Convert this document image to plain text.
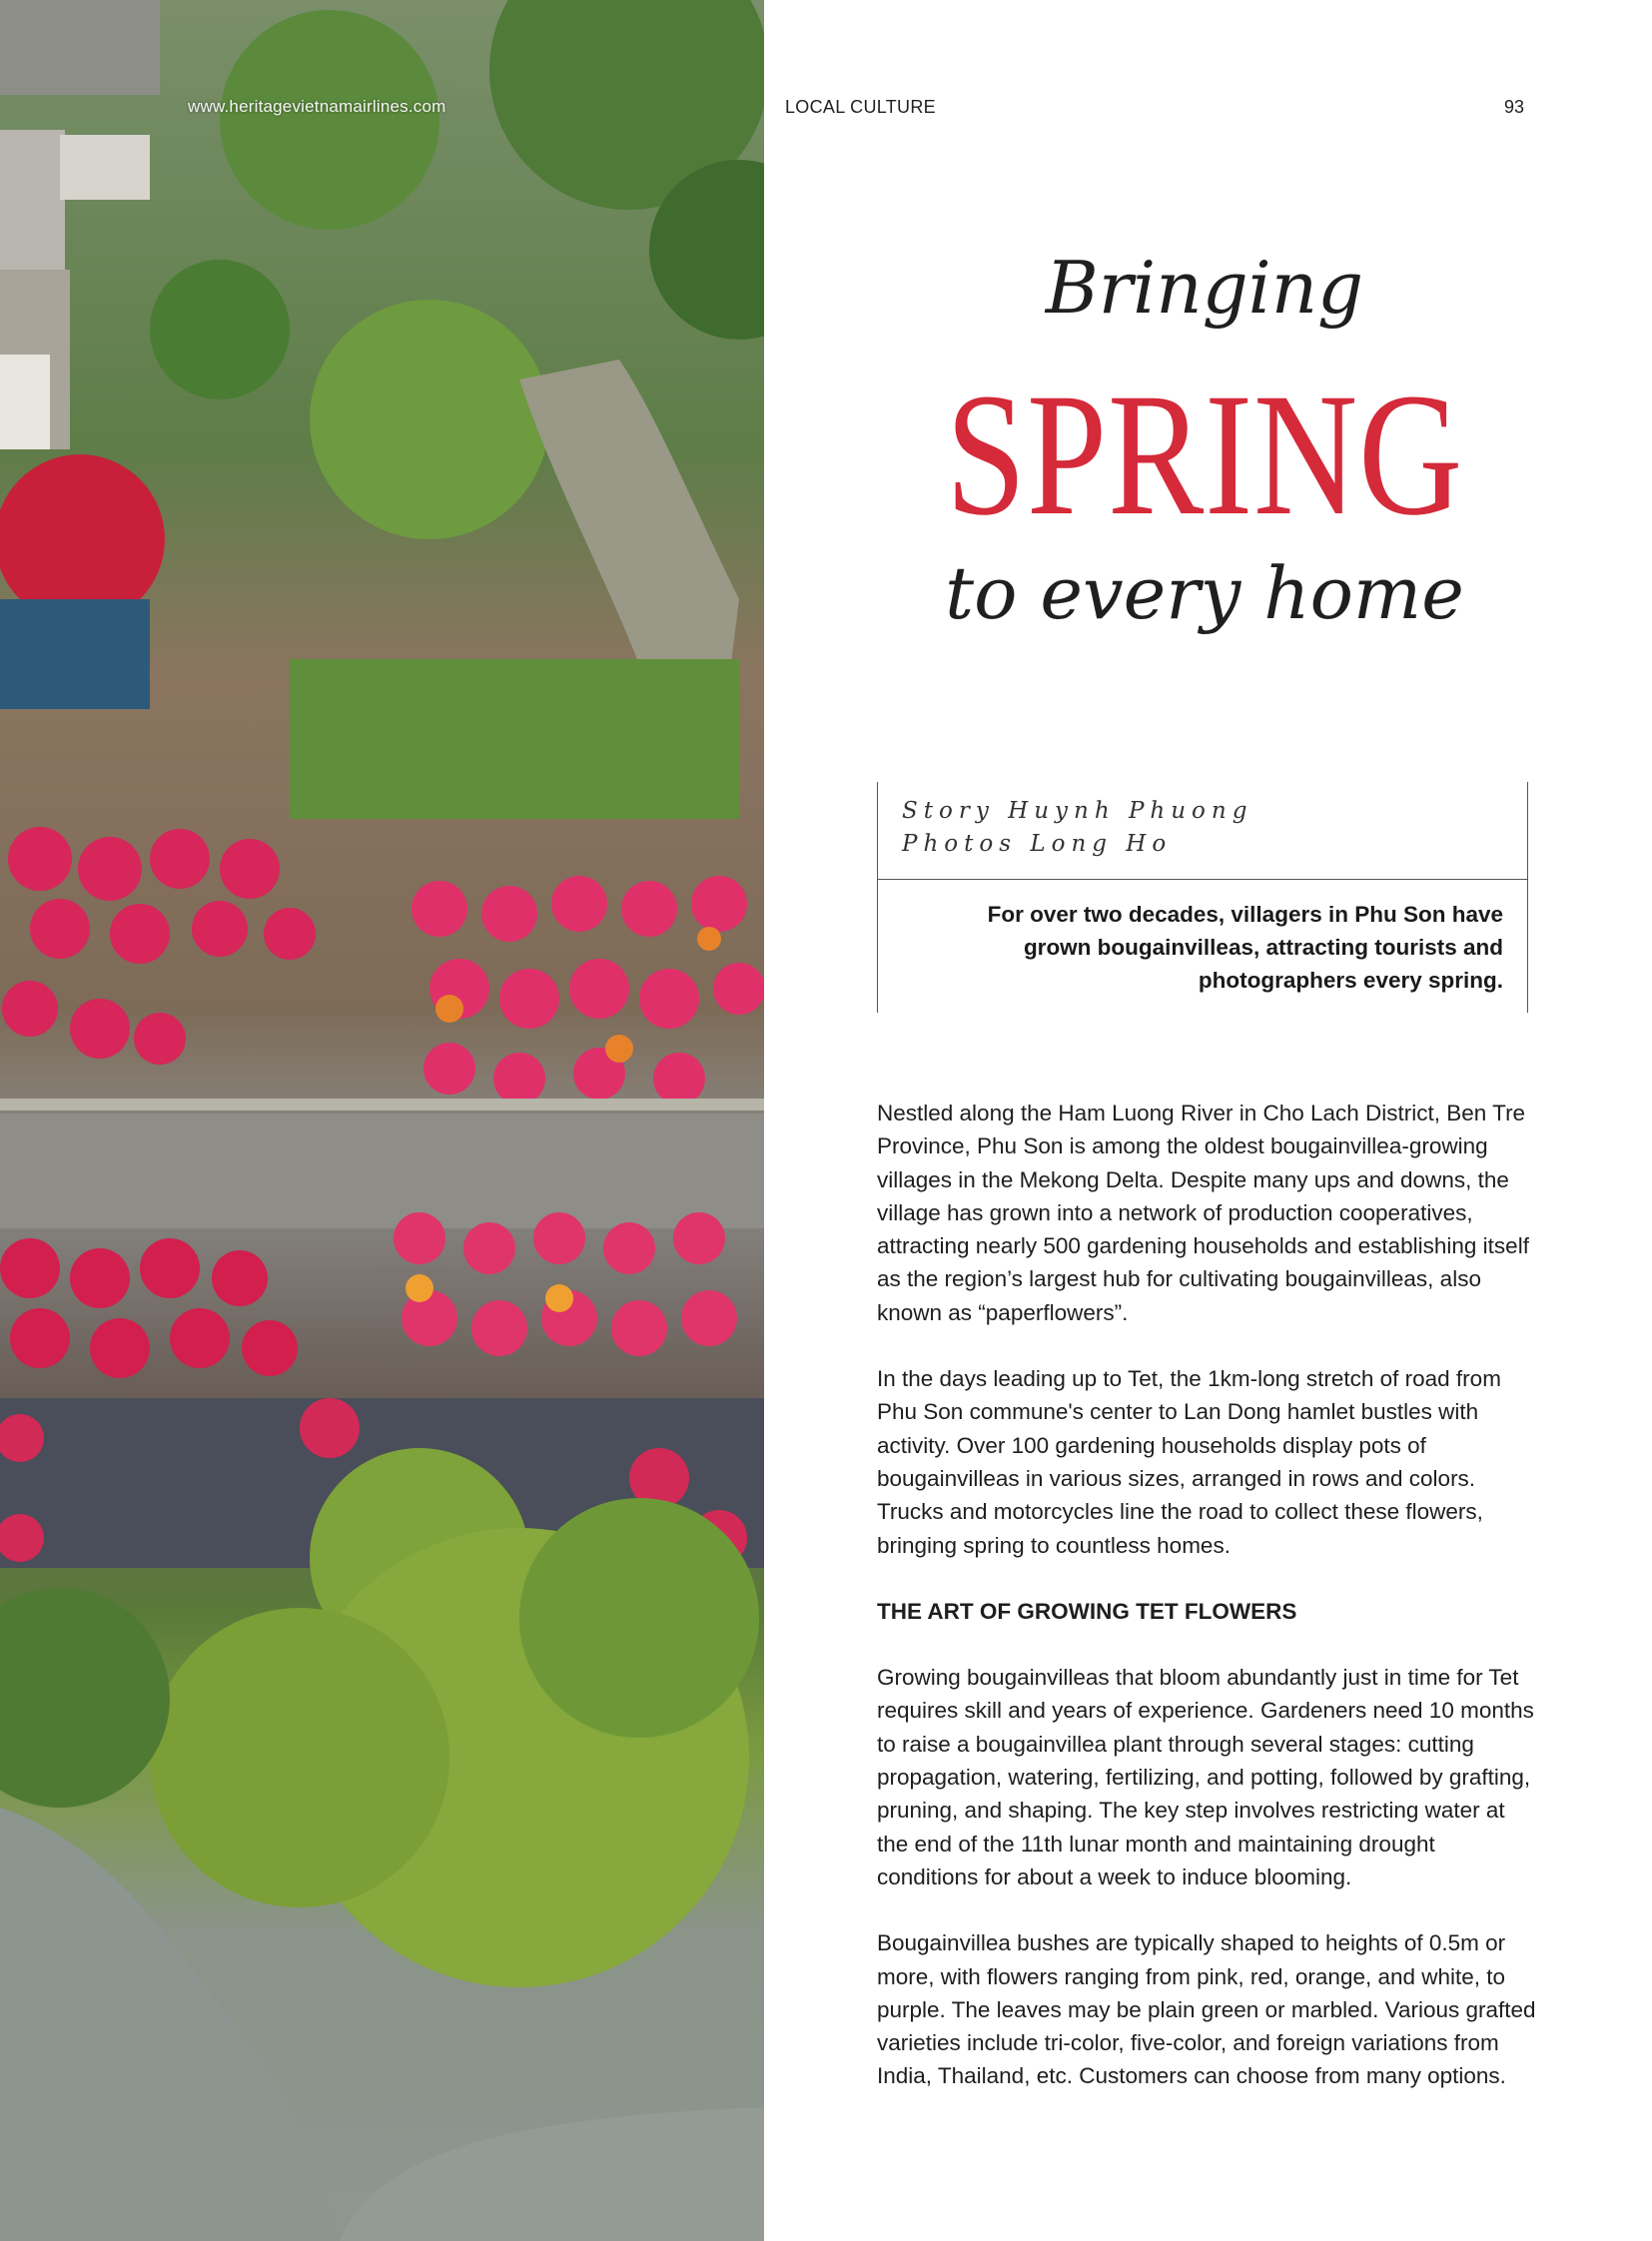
www.heritagevietnamairlines.com	LOCAL CULTURE	93
Bringing
SPRING
to every home
Story Huynh Phuong
Photos Long Ho
For over two decades, villagers in Phu Son have grown bougainvilleas, attracting tourists and photographers every spring.

Nestled along the Ham Luong River in Cho Lach District, Ben Tre Province, Phu Son is among the oldest bougainvillea-growing villages in the Mekong Delta. Despite many ups and downs, the village has grown into a network of production cooperatives, attracting nearly 500 gardening households and establishing itself as the region’s largest hub for cultivating bougainvilleas, also known as “paperflowers”.

In the days leading up to Tet, the 1km-long stretch of road from Phu Son commune's center to Lan Dong hamlet bustles with activity. Over 100 gardening households display pots of bougainvilleas in various sizes, arranged in rows and colors. Trucks and motorcycles line the road to collect these flowers, bringing spring to countless homes.

THE ART OF GROWING TET FLOWERS

Growing bougainvilleas that bloom abundantly just in time for Tet requires skill and years of experience. Gardeners need 10 months to raise a bougainvillea plant through several stages: cutting propagation, watering, fertilizing, and potting, followed by grafting, pruning, and shaping. The key step involves restricting water at the end of the 11th lunar month and maintaining drought conditions for about a week to induce blooming.

Bougainvillea bushes are typically shaped to heights of 0.5m or more, with flowers ranging from pink, red, orange, and white, to purple. The leaves may be plain green or marbled. Various grafted varieties include tri-color, five-color, and foreign variations from India, Thailand, etc. Customers can choose from many options.
